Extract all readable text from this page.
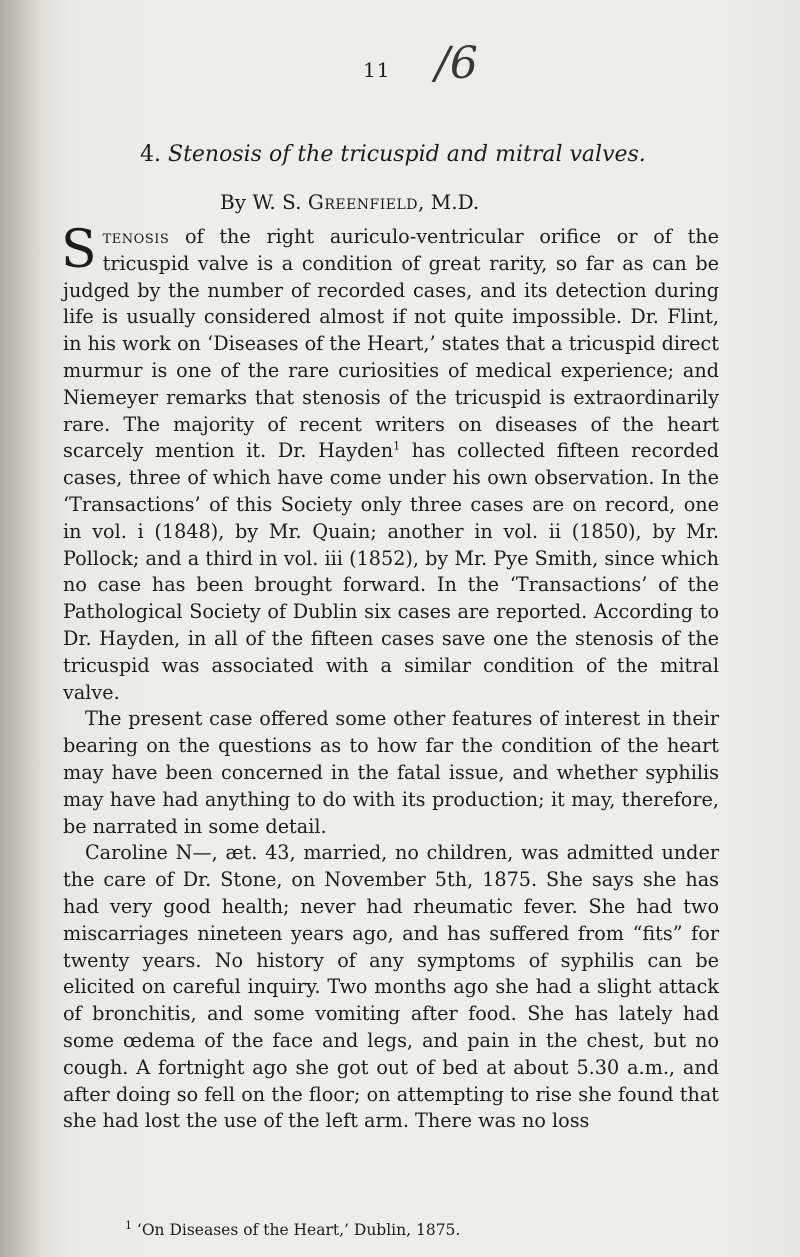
11 /6
4. Stenosis of the tricuspid and mitral valves.
By W. S. Greenfield, M.D.

Stenosis of the right auriculo-ventricular orifice or of the tricuspid valve is a condition of great rarity, so far as can be judged by the number of recorded cases, and its detection during life is usually considered almost if not quite impossible. Dr. Flint, in his work on ‘Diseases of the Heart,’ states that a tricuspid direct murmur is one of the rare curiosities of medical experience; and Niemeyer remarks that stenosis of the tricuspid is extraordinarily rare. The majority of recent writers on diseases of the heart scarcely mention it. Dr. Hayden$^1$ has collected fifteen recorded cases, three of which have come under his own observation. In the ‘Transactions’ of this Society only three cases are on record, one in vol. i (1848), by Mr. Quain; another in vol. ii (1850), by Mr. Pollock; and a third in vol. iii (1852), by Mr. Pye Smith, since which no case has been brought forward. In the ‘Transactions’ of the Pathological Society of Dublin six cases are reported. According to Dr. Hayden, in all of the fifteen cases save one the stenosis of the tricuspid was associated with a similar condition of the mitral valve.

The present case offered some other features of interest in their bearing on the questions as to how far the condition of the heart may have been concerned in the fatal issue, and whether syphilis may have had anything to do with its production; it may, therefore, be narrated in some detail.

Caroline N—, æt. 43, married, no children, was admitted under the care of Dr. Stone, on November 5th, 1875. She says she has had very good health; never had rheumatic fever. She had two miscarriages nineteen years ago, and has suffered from “fits” for twenty years. No history of any symptoms of syphilis can be elicited on careful inquiry. Two months ago she had a slight attack of bronchitis, and some vomiting after food. She has lately had some œdema of the face and legs, and pain in the chest, but no cough. A fortnight ago she got out of bed at about 5.30 a.m., and after doing so fell on the floor; on attempting to rise she found that she had lost the use of the left arm. There was no loss

$^1$ ‘On Diseases of the Heart,’ Dublin, 1875.
